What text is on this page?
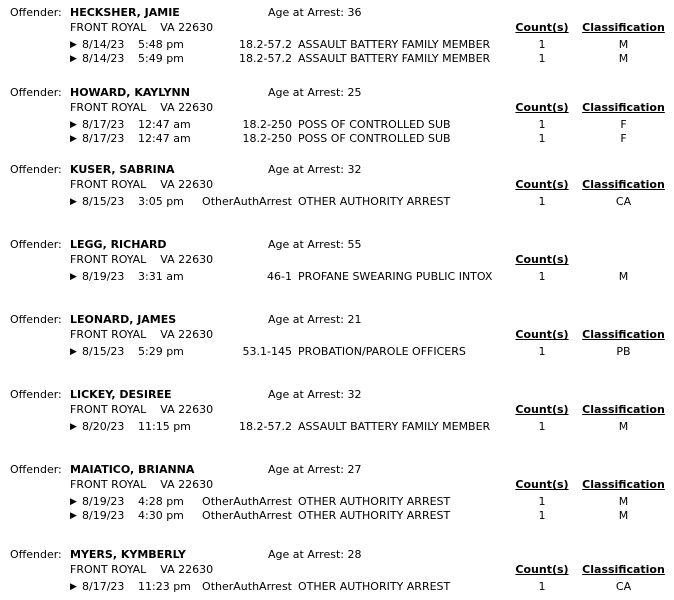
Offender: HECKSHER, JAMIE	Age at Arrest: 36
FRONT ROYAL    VA 22630	Count(s)	Classification
▶ 8/14/23	5:48 pm	18.2-57.2 ASSAULT BATTERY FAMILY MEMBER	1	M
▶ 8/14/23	5:49 pm	18.2-57.2 ASSAULT BATTERY FAMILY MEMBER	1	M
Offender: HOWARD, KAYLYNN	Age at Arrest: 25
FRONT ROYAL    VA 22630	Count(s)	Classification
▶ 8/17/23	12:47 am	18.2-250 POSS OF CONTROLLED SUB	1	F
▶ 8/17/23	12:47 am	18.2-250 POSS OF CONTROLLED SUB	1	F
Offender: KUSER, SABRINA	Age at Arrest: 32
FRONT ROYAL    VA 22630	Count(s)	Classification
▶ 8/15/23	3:05 pm	OtherAuthArrest OTHER AUTHORITY ARREST	1	CA
Offender: LEGG, RICHARD	Age at Arrest: 55
FRONT ROYAL    VA 22630	Count(s)
▶ 8/19/23	3:31 am	46-1 PROFANE SWEARING PUBLIC INTOX	1	M
Offender: LEONARD, JAMES	Age at Arrest: 21
FRONT ROYAL    VA 22630	Count(s)	Classification
▶ 8/15/23	5:29 pm	53.1-145 PROBATION/PAROLE OFFICERS	1	PB
Offender: LICKEY, DESIREE	Age at Arrest: 32
FRONT ROYAL    VA 22630	Count(s)	Classification
▶ 8/20/23	11:15 pm	18.2-57.2 ASSAULT BATTERY FAMILY MEMBER	1	M
Offender: MAIATICO, BRIANNA	Age at Arrest: 27
FRONT ROYAL    VA 22630	Count(s)	Classification
▶ 8/19/23	4:28 pm	OtherAuthArrest OTHER AUTHORITY ARREST	1	M
▶ 8/19/23	4:30 pm	OtherAuthArrest OTHER AUTHORITY ARREST	1	M
Offender: MYERS, KYMBERLY	Age at Arrest: 28
FRONT ROYAL    VA 22630	Count(s)	Classification
▶ 8/17/23	11:23 pm	OtherAuthArrest OTHER AUTHORITY ARREST	1	CA
